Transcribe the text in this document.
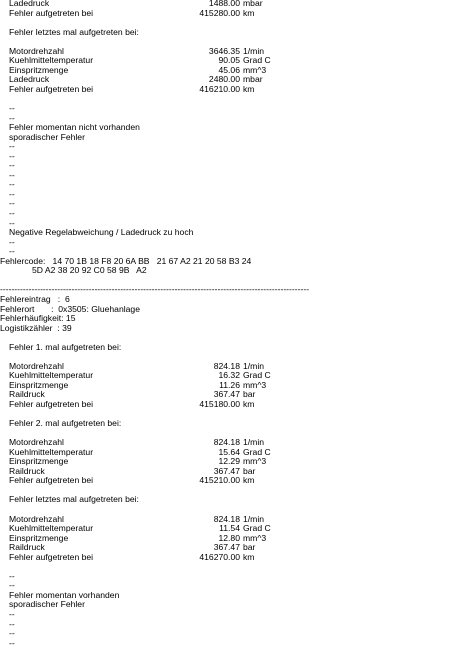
Ladedruck	1488.00 mbar
Fehler aufgetreten bei	415280.00 km
Fehler letztes mal aufgetreten bei:
Motordrehzahl	3646.35 1/min
Kuehlmitteltemperatur	90.05 Grad C
Einspritzmenge	45.06 mm^3
Ladedruck	2480.00 mbar
Fehler aufgetreten bei	416210.00 km
--
--
Fehler momentan nicht vorhanden
sporadischer Fehler
--
--
--
--
--
--
--
--
--
Negative Regelabweichung / Ladedruck zu hoch
--
--
Fehlercode:   14 70 1B 18 F8 20 6A BB   21 67 A2 21 20 58 B3 24
5D A2 38 20 92 C0 58 9B   A2
------------------------------------------------------------------------------------------------------------
Fehlereintrag   :  6
Fehlerort       :  0x3505: Gluehanlage
Fehlerhäufigkeit: 15
Logistikzähler  : 39
Fehler 1. mal aufgetreten bei:
Motordrehzahl	824.18 1/min
Kuehlmitteltemperatur	16.32 Grad C
Einspritzmenge	11.26 mm^3
Raildruck	367.47 bar
Fehler aufgetreten bei	415180.00 km
Fehler 2. mal aufgetreten bei:
Motordrehzahl	824.18 1/min
Kuehlmitteltemperatur	15.64 Grad C
Einspritzmenge	12.29 mm^3
Raildruck	367.47 bar
Fehler aufgetreten bei	415210.00 km
Fehler letztes mal aufgetreten bei:
Motordrehzahl	824.18 1/min
Kuehlmitteltemperatur	11.54 Grad C
Einspritzmenge	12.80 mm^3
Raildruck	367.47 bar
Fehler aufgetreten bei	416270.00 km
--
--
Fehler momentan vorhanden
sporadischer Fehler
--
--
--
--
